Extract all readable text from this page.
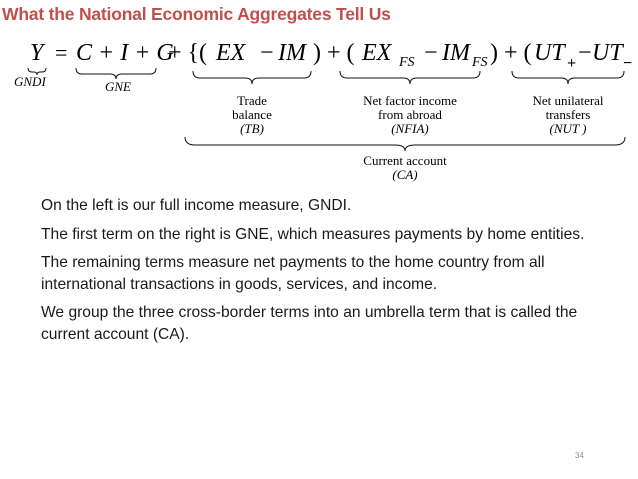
What the National Economic Aggregates Tell Us
Y = C + I + G
+ {( EX − IM ) + ( EX FS − IM FS ) + ( UT + − UT −
GNDI	GNE
Trade
balance
(TB)
Net factor income
from abroad
(NFIA)
Net unilateral
transfers
(NUT )
Current account
(CA)

On the left is our full income measure, GNDI.

The first term on the right is GNE, which measures payments by home entities.

The remaining terms measure net payments to the home country from all international transactions in goods, services, and income.

We group the three cross-border terms into an umbrella term that is called the current account (CA).

34
